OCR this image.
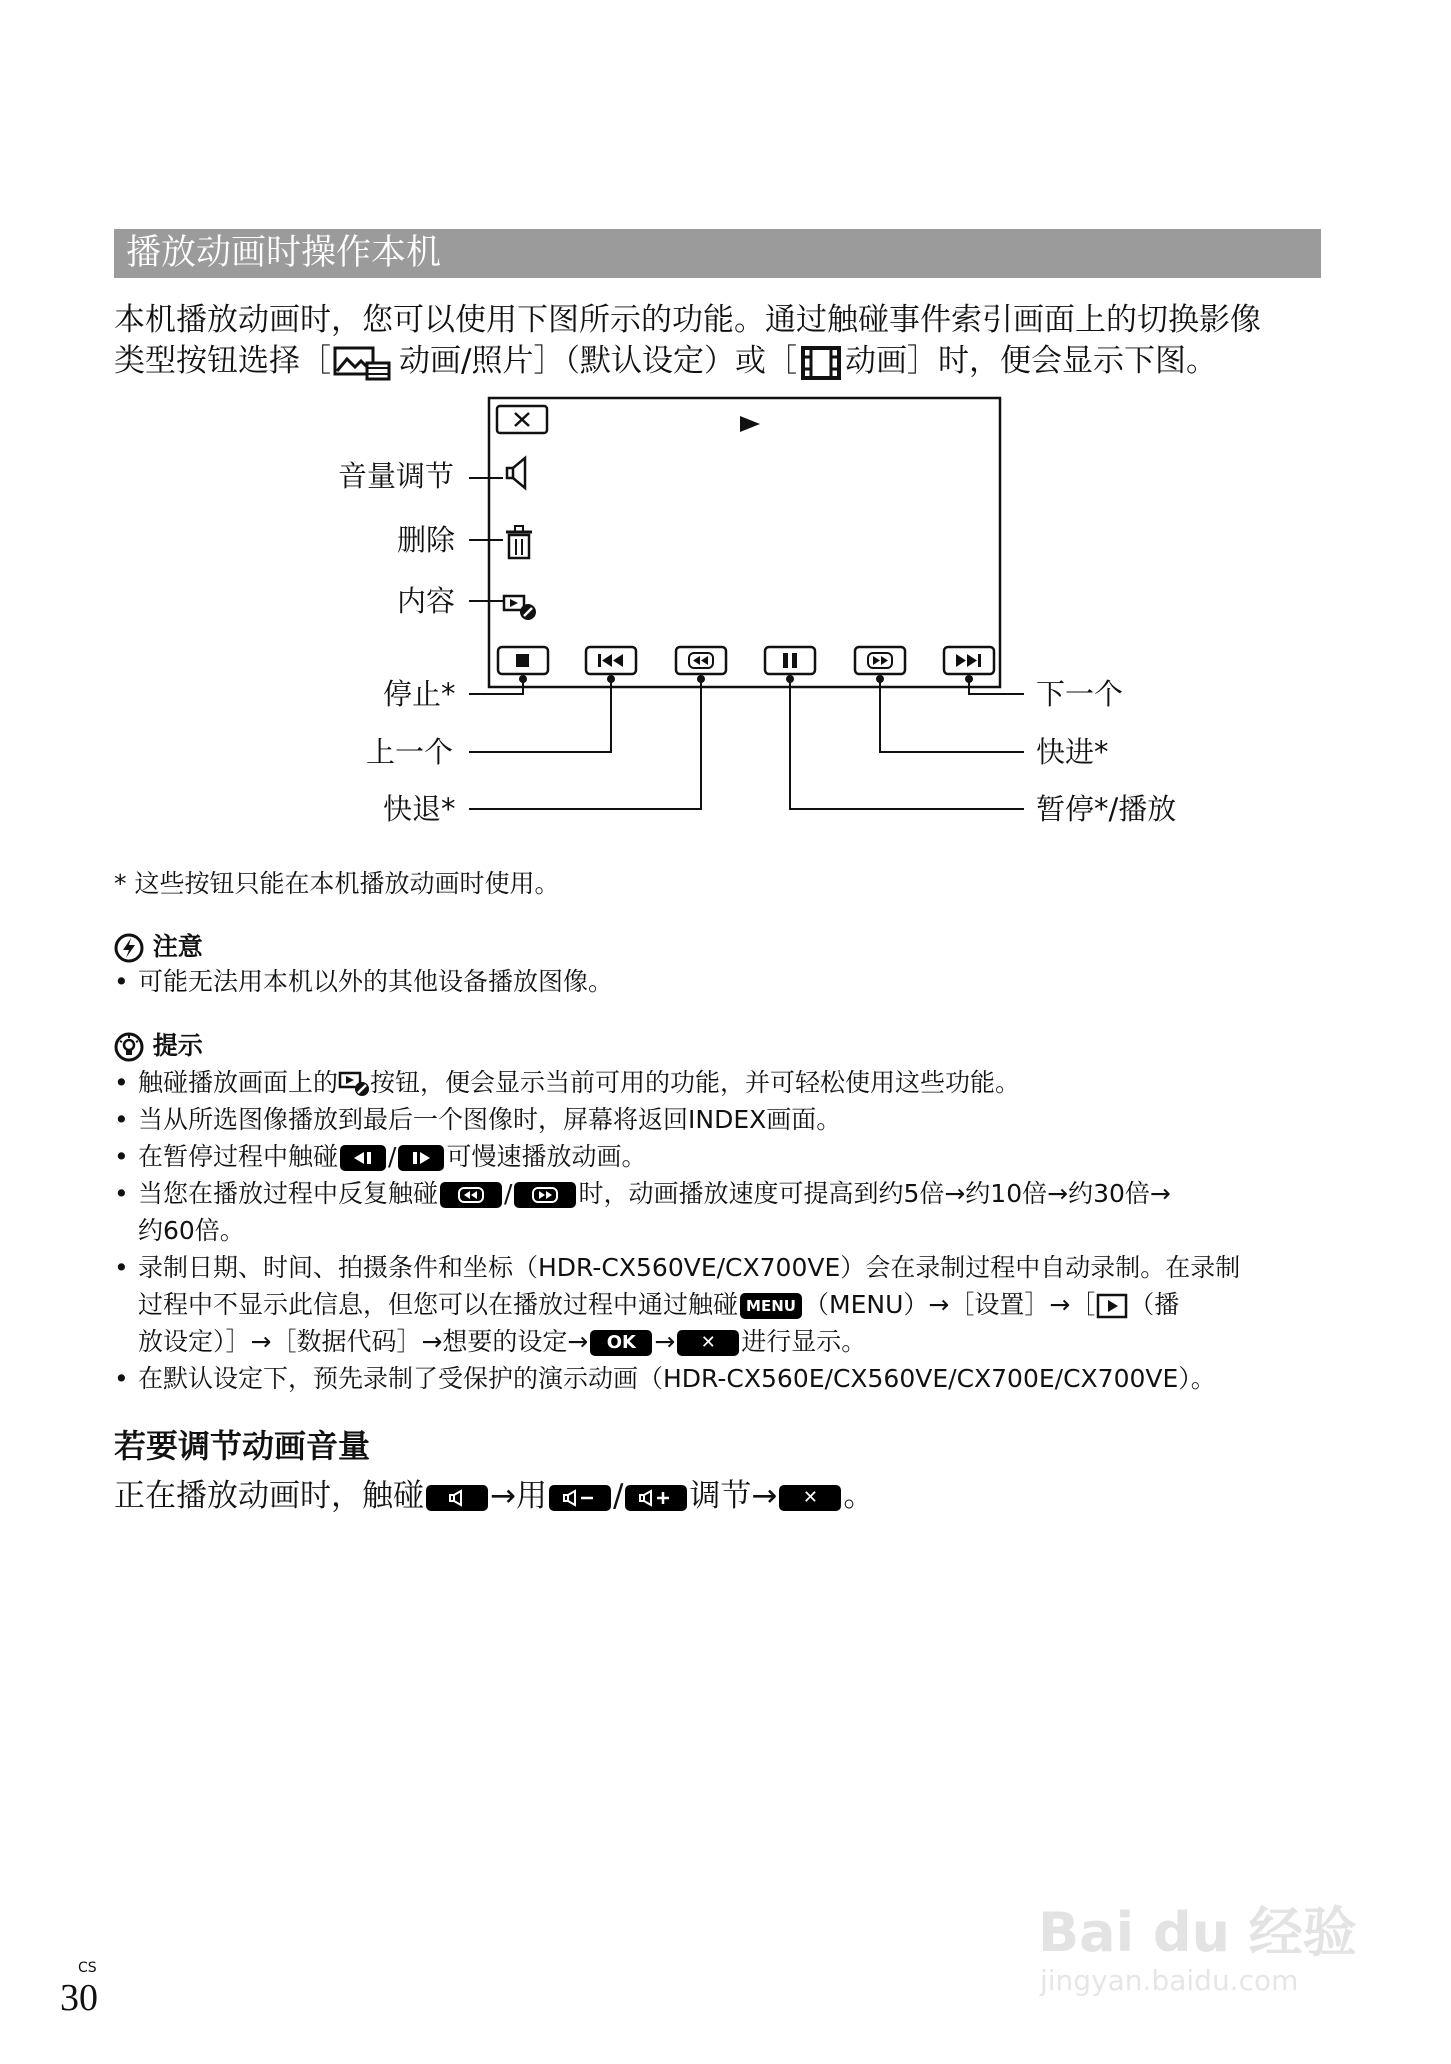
播放动画时操作本机
本机播放动画时，您可以使用下图所示的功能。通过触碰事件索引画面上的切换影像
类型按钮选择［ 动画/照片］（默认设定）或［ 动画］时，便会显示下图。
音量调节
删除
内容
停止*
上一个
快退*
下一个
快进*
暂停*/播放
* 这些按钮只能在本机播放动画时使用。
注意
• 可能无法用本机以外的其他设备播放图像。
提示
• 触碰播放画面上的 按钮，便会显示当前可用的功能，并可轻松使用这些功能。
• 当从所选图像播放到最后一个图像时，屏幕将返回INDEX画面。
• 在暂停过程中触碰 / 可慢速播放动画。
• 当您在播放过程中反复触碰	/	时，动画播放速度可提高到约5倍→约10倍→约30倍→
约60倍。
• 录制日期、时间、拍摄条件和坐标（HDR-CX560VE/CX700VE）会在录制过程中自动录制。在录制
过程中不显示此信息，但您可以在播放过程中通过触碰 MENU （MENU）→［设置］→［ （播
放设定）］→［数据代码］→想要的设定→ OK → ✕ 进行显示。
• 在默认设定下，预先录制了受保护的演示动画（HDR-CX560E/CX560VE/CX700E/CX700VE）。
若要调节动画音量
正在播放动画时，触碰 →用 / 调节→ ✕ 。
CS
30
Bai du 经验
jingyan.baidu.com
